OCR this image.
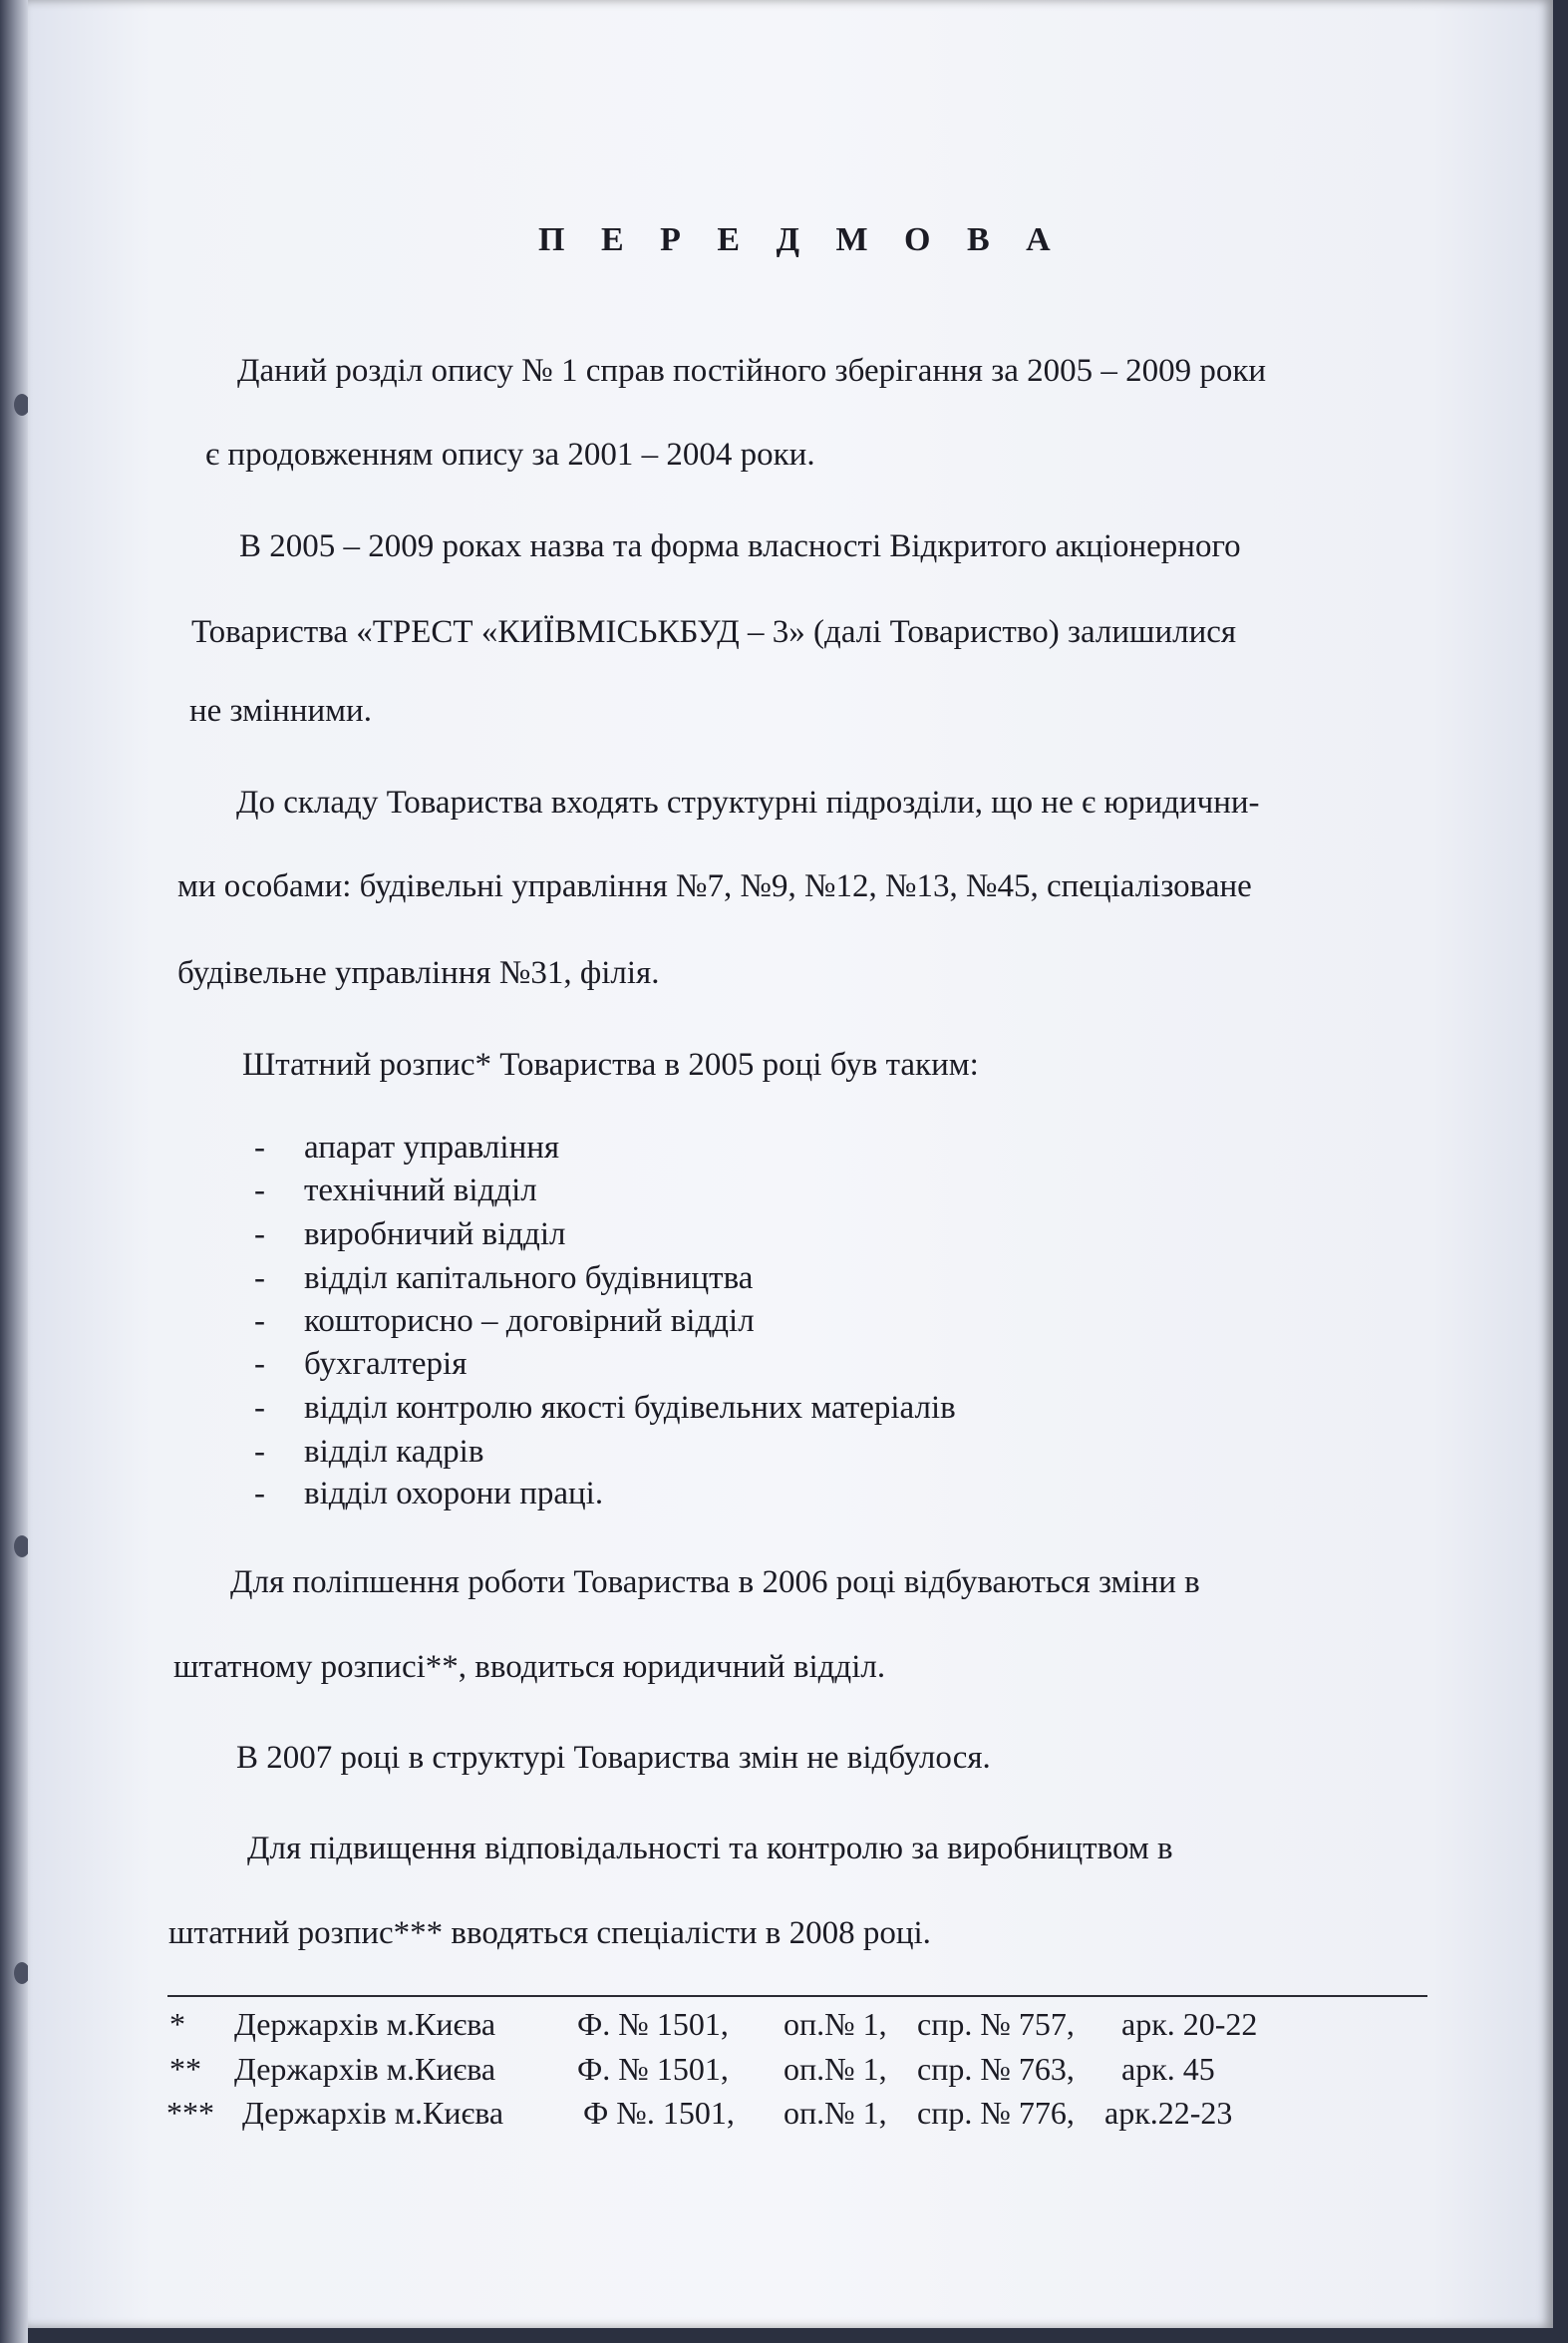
П Е Р Е Д М О В А
Даний розділ опису № 1 справ постійного зберігання за 2005 – 2009 роки
є продовженням опису за 2001 – 2004 роки.
В 2005 – 2009 роках назва та форма власності Відкритого акціонерного
Товариства «ТРЕСТ «КИЇВМІСЬКБУД – 3» (далі Товариство) залишилися
не змінними.
До складу Товариства входять структурні підрозділи, що не є юридични-
ми особами: будівельні управління №7, №9, №12, №13, №45, спеціалізоване
будівельне управління №31, філія.
Штатний розпис* Товариства в 2005 році був таким:
- апарат управління
- технічний відділ
- виробничий відділ
- відділ капітального будівництва
- кошторисно – договірний відділ
- бухгалтерія
- відділ контролю якості будівельних матеріалів
- відділ кадрів
- відділ охорони праці.
Для поліпшення роботи Товариства в 2006 році відбуваються зміни в
штатному розписі**, вводиться юридичний відділ.
В 2007 році в структурі Товариства змін не відбулося.
Для підвищення відповідальності та контролю за виробництвом в
штатний розпис*** вводяться спеціалісти в 2008 році.
* Держархів м.Києва	Ф. № 1501, оп.№ 1, спр. № 757, арк. 20-22
** Держархів м.Києва	Ф. № 1501, оп.№ 1, спр. № 763, арк. 45
*** Держархів м.Києва Ф №. 1501, оп.№ 1, спр. № 776, арк.22-23
